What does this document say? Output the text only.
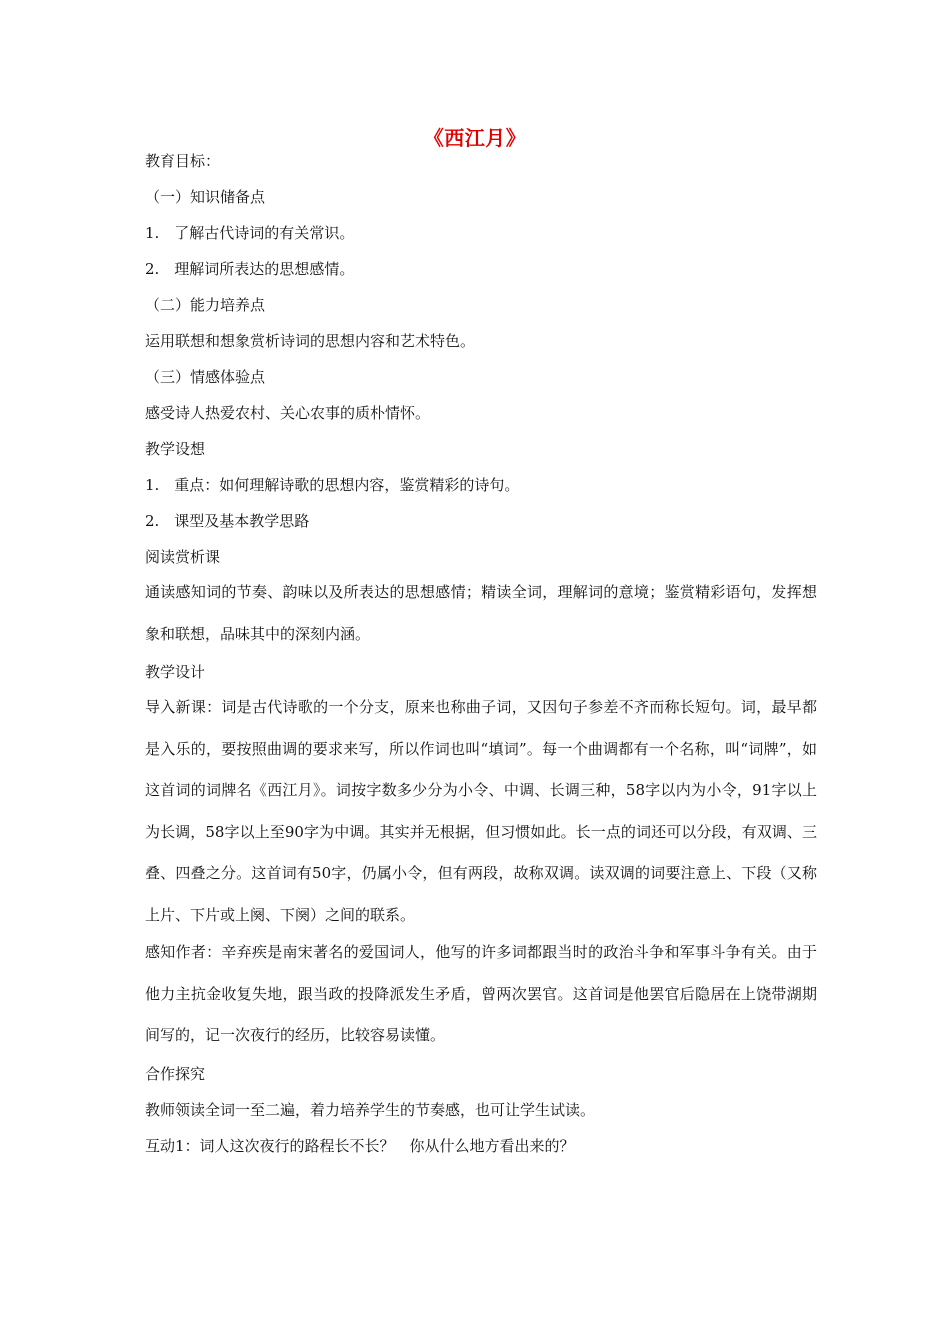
《西江月》
教育目标：
（一）知识储备点
1.　了解古代诗词的有关常识。
2.　理解词所表达的思想感情。
（二）能力培养点
运用联想和想象赏析诗词的思想内容和艺术特色。
（三）情感体验点
感受诗人热爱农村、关心农事的质朴情怀。
教学设想
1.　重点：如何理解诗歌的思想内容，鉴赏精彩的诗句。
2.　课型及基本教学思路
阅读赏析课
通读感知词的节奏、韵味以及所表达的思想感情；精读全词，理解词的意境；鉴赏精彩语句，发挥想象和联想，品味其中的深刻内涵。
教学设计
导入新课：词是古代诗歌的一个分支，原来也称曲子词，又因句子参差不齐而称长短句。词，最早都是入乐的，要按照曲调的要求来写，所以作词也叫“填词”。每一个曲调都有一个名称，叫“词牌”，如这首词的词牌名《西江月》。词按字数多少分为小令、中调、长调三种，58字以内为小令，91字以上为长调，58字以上至90字为中调。其实并无根据，但习惯如此。长一点的词还可以分段，有双调、三叠、四叠之分。这首词有50字，仍属小令，但有两段，故称双调。读双调的词要注意上、下段（又称上片、下片或上阕、下阕）之间的联系。
感知作者：辛弃疾是南宋著名的爱国词人，他写的许多词都跟当时的政治斗争和军事斗争有关。由于他力主抗金收复失地，跟当政的投降派发生矛盾，曾两次罢官。这首词是他罢官后隐居在上饶带湖期间写的，记一次夜行的经历，比较容易读懂。
合作探究
教师领读全词一至二遍，着力培养学生的节奏感，也可让学生试读。
互动1：词人这次夜行的路程长不长？　你从什么地方看出来的？
